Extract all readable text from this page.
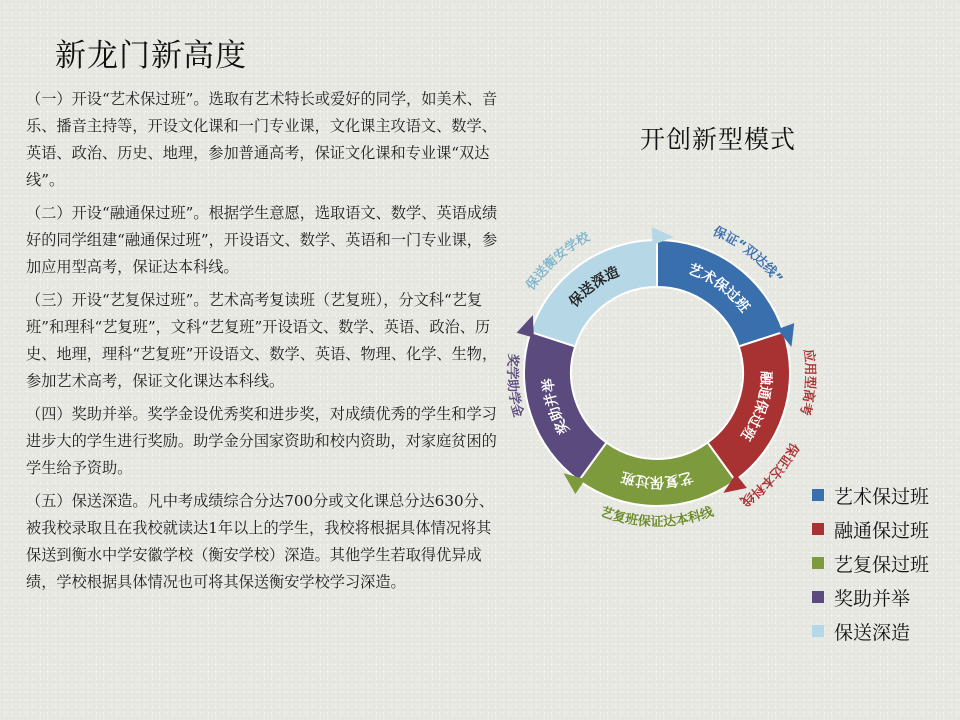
新龙门新高度

（一）开设“艺术保过班”。选取有艺术特长或爱好的同学，如美术、音乐、播音主持等，开设文化课和一门专业课，文化课主攻语文、数学、英语、政治、历史、地理，参加普通高考，保证文化课和专业课“双达线”。

（二）开设“融通保过班”。根据学生意愿，选取语文、数学、英语成绩好的同学组建“融通保过班”，开设语文、数学、英语和一门专业课，参加应用型高考，保证达本科线。

（三）开设“艺复保过班”。艺术高考复读班（艺复班），分文科“艺复班”和理科“艺复班”，文科“艺复班”开设语文、数学、英语、政治、历史、地理，理科“艺复班”开设语文、数学、英语、物理、化学、生物，参加艺术高考，保证文化课达本科线。

（四）奖助并举。奖学金设优秀奖和进步奖，对成绩优秀的学生和学习进步大的学生进行奖励。助学金分国家资助和校内资助，对家庭贫困的学生给予资助。

（五）保送深造。凡中考成绩综合分达700分或文化课总分达630分、被我校录取且在我校就读达1年以上的学生，我校将根据具体情况将其保送到衡水中学安徽学校（衡安学校）深造。其他学生若取得优异成绩，学校根据具体情况也可将其保送衡安学校学习深造。

开创新型模式
艺术保过班
融通保过班
艺复保过班
奖助并举
保送深造
保证“双达线”
应用型高考
保证达本科线
艺复班保证达本科线
奖学助学金
保送衡安学校
艺术保过班
融通保过班
艺复保过班
奖助并举
保送深造
